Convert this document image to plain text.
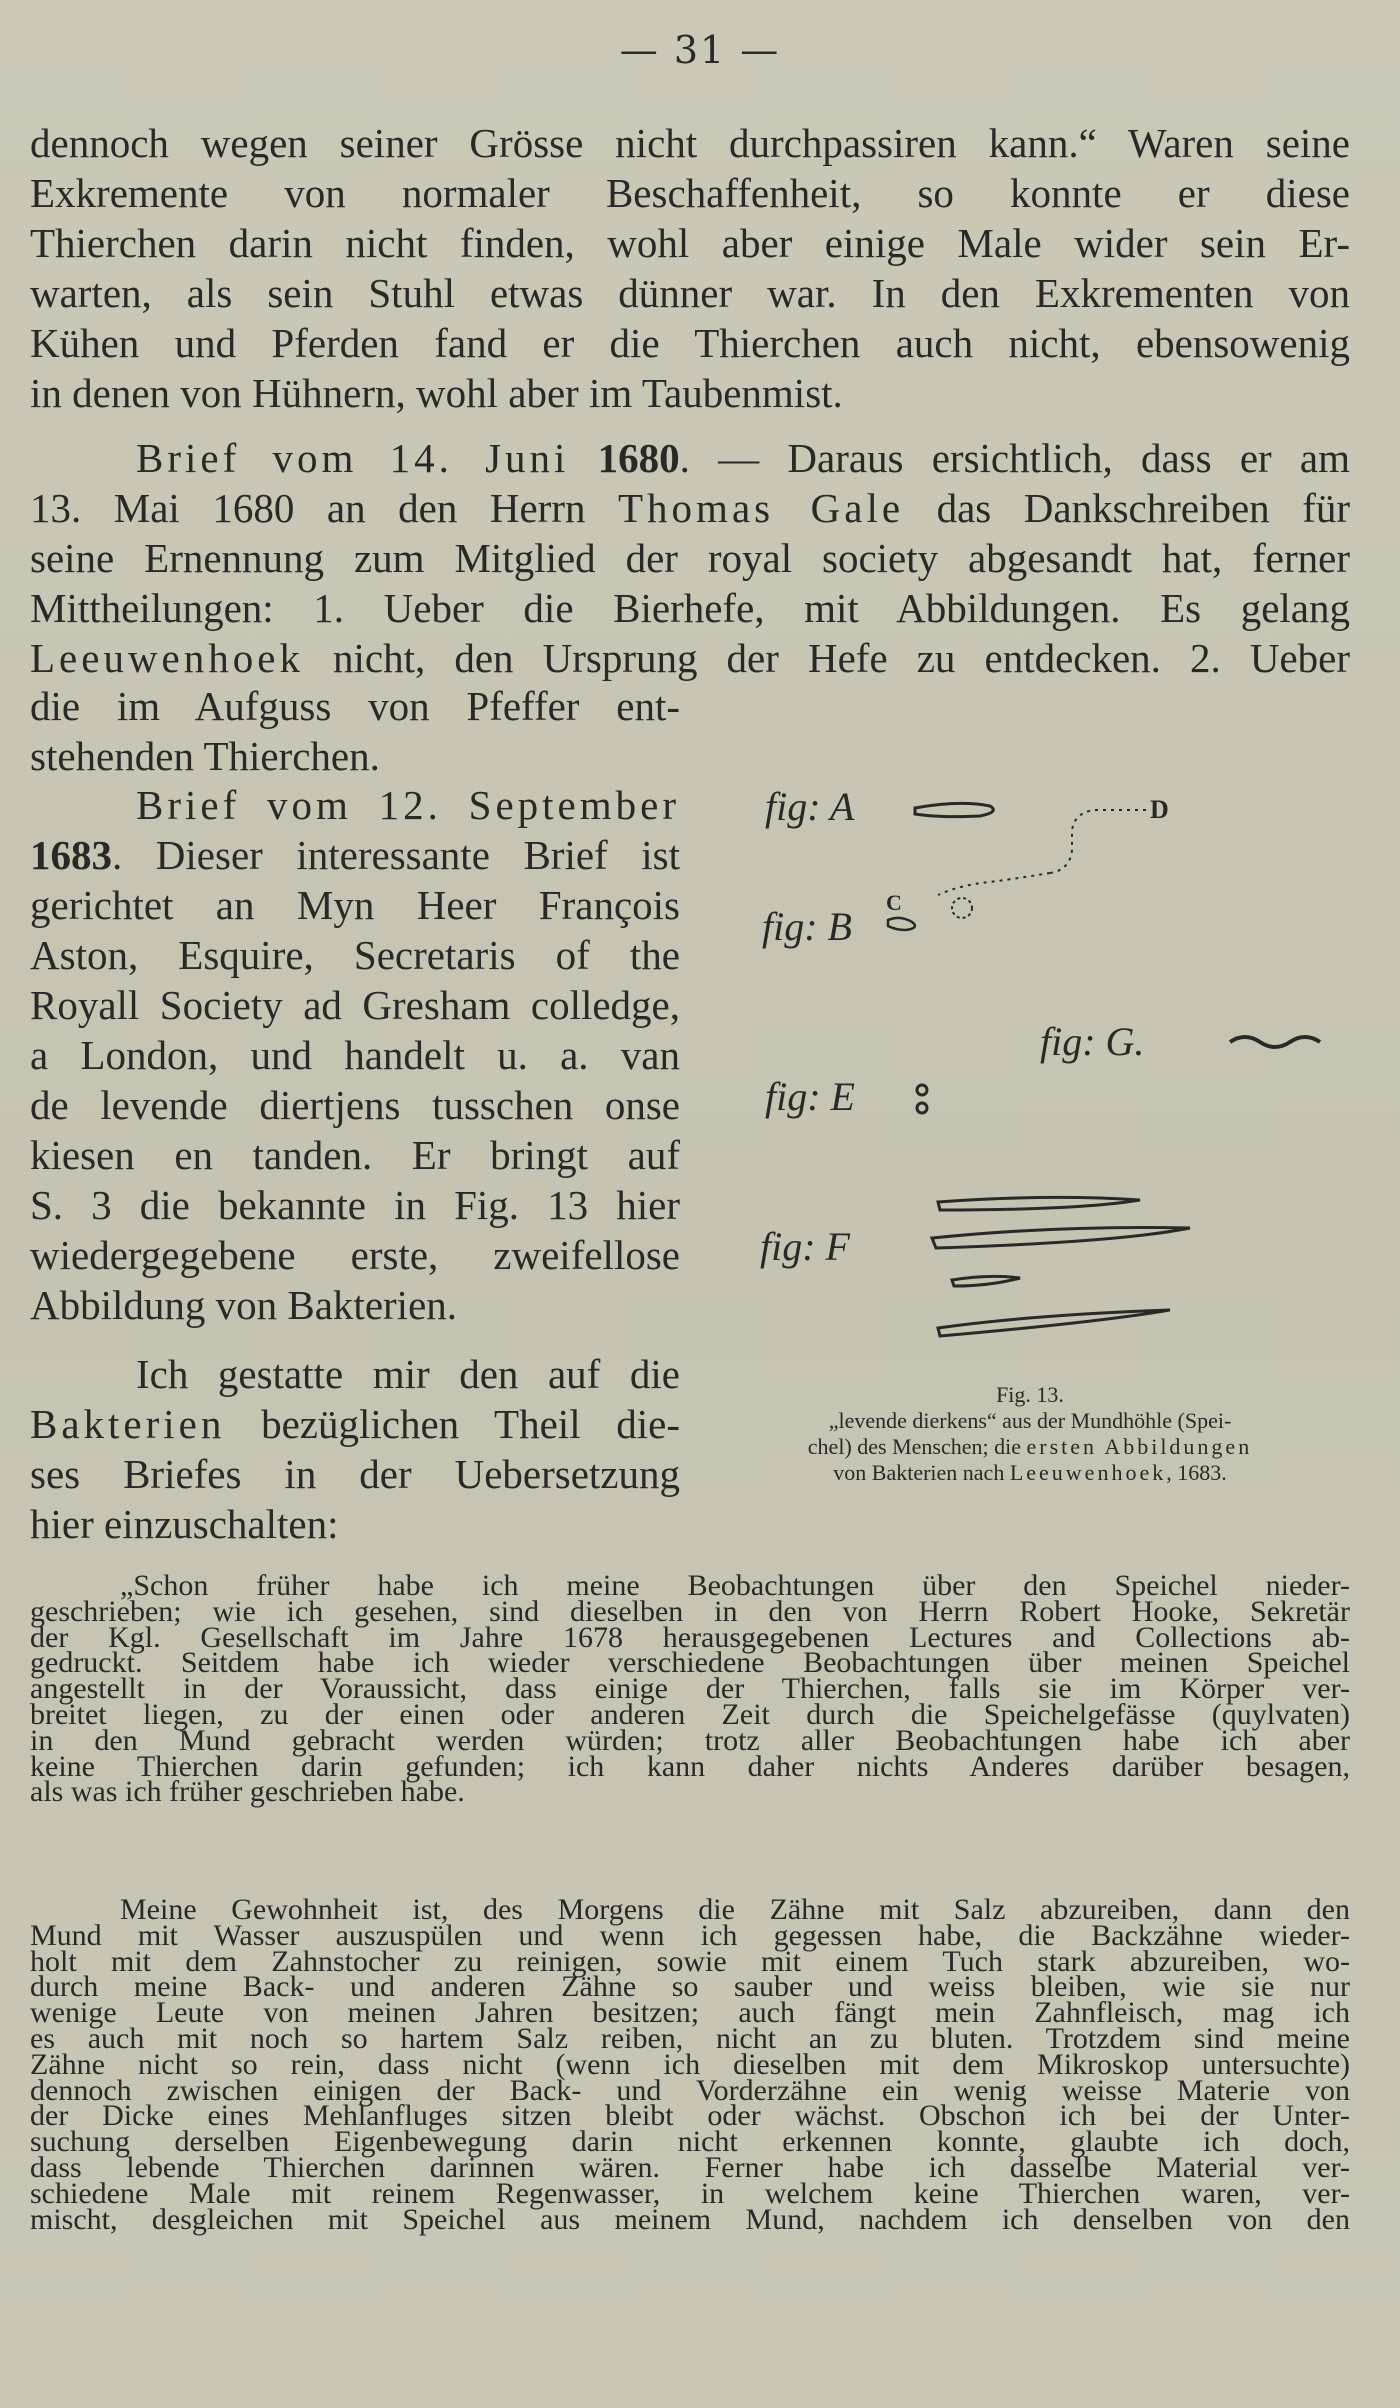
— 31 —
dennoch wegen seiner Grösse nicht durchpassiren kann.“ Waren seine
Exkremente von normaler Beschaffenheit, so konnte er diese
Thierchen darin nicht finden, wohl aber einige Male wider sein Er-
warten, als sein Stuhl etwas dünner war. In den Exkrementen von
Kühen und Pferden fand er die Thierchen auch nicht, ebensowenig
in denen von Hühnern, wohl aber im Taubenmist.
Brief vom 14. Juni 1680. — Daraus ersichtlich, dass er am
13. Mai 1680 an den Herrn Thomas Gale das Dankschreiben für
seine Ernennung zum Mitglied der royal society abgesandt hat, ferner
Mittheilungen: 1. Ueber die Bierhefe, mit Abbildungen. Es gelang
Leeuwenhoek nicht, den Ursprung der Hefe zu entdecken. 2. Ueber
die im Aufguss von Pfeffer ent-
stehenden Thierchen.
Brief vom 12. September
1683. Dieser interessante Brief ist
gerichtet an Myn Heer François
Aston, Esquire, Secretaris of the
Royall Society ad Gresham colledge,
a London, und handelt u. a. van
de levende diertjens tusschen onse
kiesen en tanden. Er bringt auf
S. 3 die bekannte in Fig. 13 hier
wiedergegebene erste, zweifellose
Abbildung von Bakterien.
Ich gestatte mir den auf die
Bakterien bezüglichen Theil die-
ses Briefes in der Uebersetzung
hier einzuschalten:
fig: A	D
C
fig: B
fig: G.
fig: E
fig: F
Fig. 13.
„levende dierkens“ aus der Mundhöhle (Spei-
chel) des Menschen; die ersten Abbildungen
von Bakterien nach Leeuwenhoek, 1683.
„Schon früher habe ich meine Beobachtungen über den Speichel nieder-
geschrieben; wie ich gesehen, sind dieselben in den von Herrn Robert Hooke, Sekretär
der Kgl. Gesellschaft im Jahre 1678 herausgegebenen Lectures and Collections ab-
gedruckt. Seitdem habe ich wieder verschiedene Beobachtungen über meinen Speichel
angestellt in der Voraussicht, dass einige der Thierchen, falls sie im Körper ver-
breitet liegen, zu der einen oder anderen Zeit durch die Speichelgefässe (quylvaten)
in den Mund gebracht werden würden; trotz aller Beobachtungen habe ich aber
keine Thierchen darin gefunden; ich kann daher nichts Anderes darüber besagen,
als was ich früher geschrieben habe.
Meine Gewohnheit ist, des Morgens die Zähne mit Salz abzureiben, dann den
Mund mit Wasser auszuspülen und wenn ich gegessen habe, die Backzähne wieder-
holt mit dem Zahnstocher zu reinigen, sowie mit einem Tuch stark abzureiben, wo-
durch meine Back- und anderen Zähne so sauber und weiss bleiben, wie sie nur
wenige Leute von meinen Jahren besitzen; auch fängt mein Zahnfleisch, mag ich
es auch mit noch so hartem Salz reiben, nicht an zu bluten. Trotzdem sind meine
Zähne nicht so rein, dass nicht (wenn ich dieselben mit dem Mikroskop untersuchte)
dennoch zwischen einigen der Back- und Vorderzähne ein wenig weisse Materie von
der Dicke eines Mehlanfluges sitzen bleibt oder wächst. Obschon ich bei der Unter-
suchung derselben Eigenbewegung darin nicht erkennen konnte, glaubte ich doch,
dass lebende Thierchen darinnen wären. Ferner habe ich dasselbe Material ver-
schiedene Male mit reinem Regenwasser, in welchem keine Thierchen waren, ver-
mischt, desgleichen mit Speichel aus meinem Mund, nachdem ich denselben von den
